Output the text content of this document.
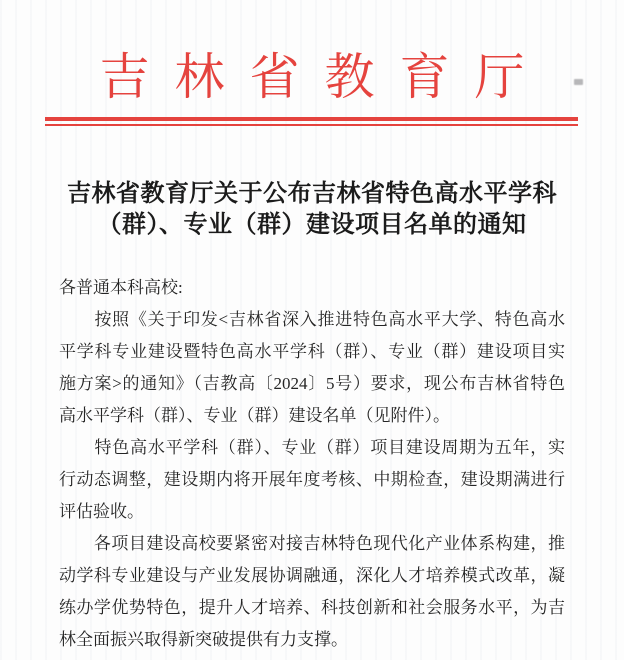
吉林省教育厅
吉林省教育厅关于公布吉林省特色高水平学科
（群）、专业（群）建设项目名单的通知
各普通本科高校:
　　按照《关于印发<吉林省深入推进特色高水平大学、特色高水
平学科专业建设暨特色高水平学科（群）、专业（群）建设项目实
施方案>的通知》（吉教高〔2024〕5号）要求，现公布吉林省特色
高水平学科（群）、专业（群）建设名单（见附件）。
　　特色高水平学科（群）、专业（群）项目建设周期为五年，实
行动态调整，建设期内将开展年度考核、中期检查，建设期满进行
评估验收。
　　各项目建设高校要紧密对接吉林特色现代化产业体系构建，推
动学科专业建设与产业发展协调融通，深化人才培养模式改革，凝
练办学优势特色，提升人才培养、科技创新和社会服务水平，为吉
林全面振兴取得新突破提供有力支撑。
